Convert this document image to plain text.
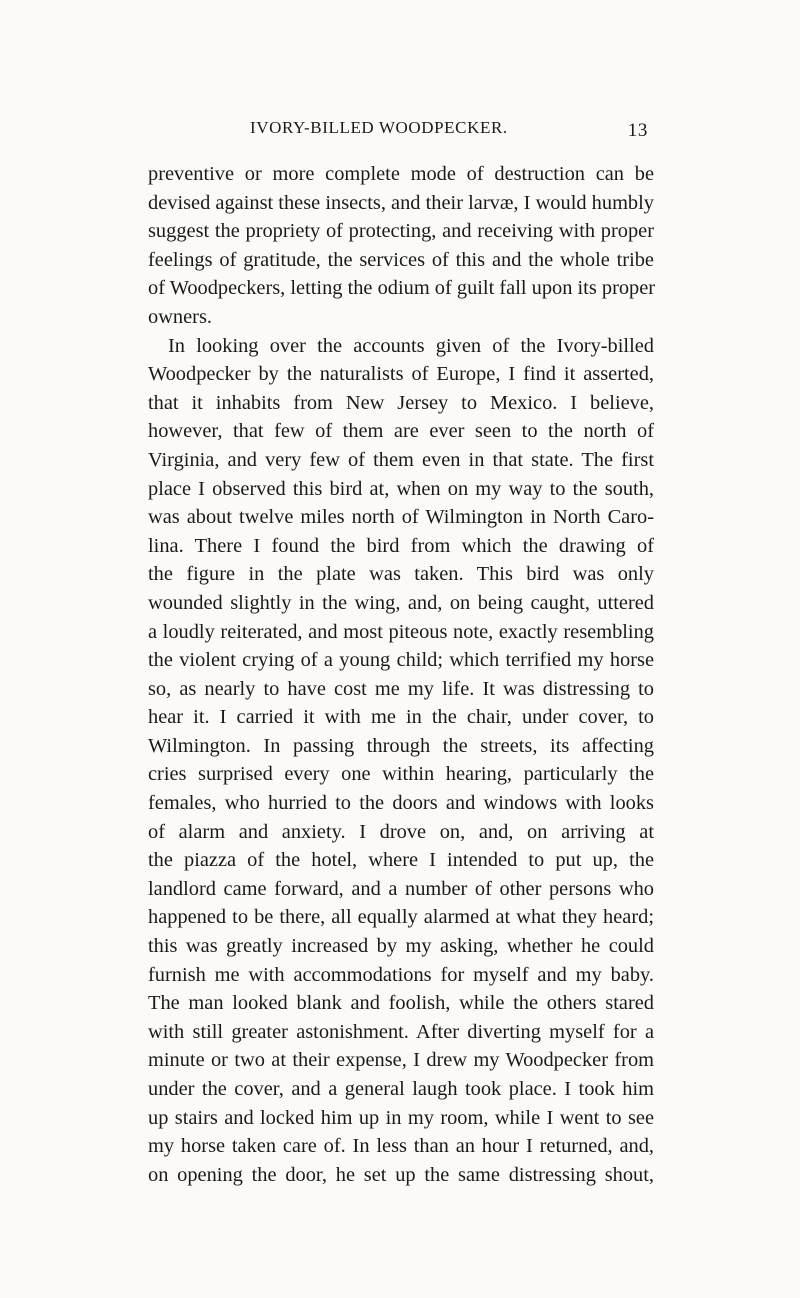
IVORY-BILLED WOODPECKER.	13
preventive or more complete mode of destruction can be
devised against these insects, and their larvæ, I would humbly
suggest the propriety of protecting, and receiving with proper
feelings of gratitude, the services of this and the whole tribe
of Woodpeckers, letting the odium of guilt fall upon its proper
owners.
In looking over the accounts given of the Ivory-billed
Woodpecker by the naturalists of Europe, I find it asserted,
that it inhabits from New Jersey to Mexico. I believe,
however, that few of them are ever seen to the north of
Virginia, and very few of them even in that state. The first
place I observed this bird at, when on my way to the south,
was about twelve miles north of Wilmington in North Caro-
lina. There I found the bird from which the drawing of
the figure in the plate was taken. This bird was only
wounded slightly in the wing, and, on being caught, uttered
a loudly reiterated, and most piteous note, exactly resembling
the violent crying of a young child; which terrified my horse
so, as nearly to have cost me my life. It was distressing to
hear it. I carried it with me in the chair, under cover, to
Wilmington. In passing through the streets, its affecting
cries surprised every one within hearing, particularly the
females, who hurried to the doors and windows with looks
of alarm and anxiety. I drove on, and, on arriving at
the piazza of the hotel, where I intended to put up, the
landlord came forward, and a number of other persons who
happened to be there, all equally alarmed at what they heard;
this was greatly increased by my asking, whether he could
furnish me with accommodations for myself and my baby.
The man looked blank and foolish, while the others stared
with still greater astonishment. After diverting myself for a
minute or two at their expense, I drew my Woodpecker from
under the cover, and a general laugh took place. I took him
up stairs and locked him up in my room, while I went to see
my horse taken care of. In less than an hour I returned, and,
on opening the door, he set up the same distressing shout,
